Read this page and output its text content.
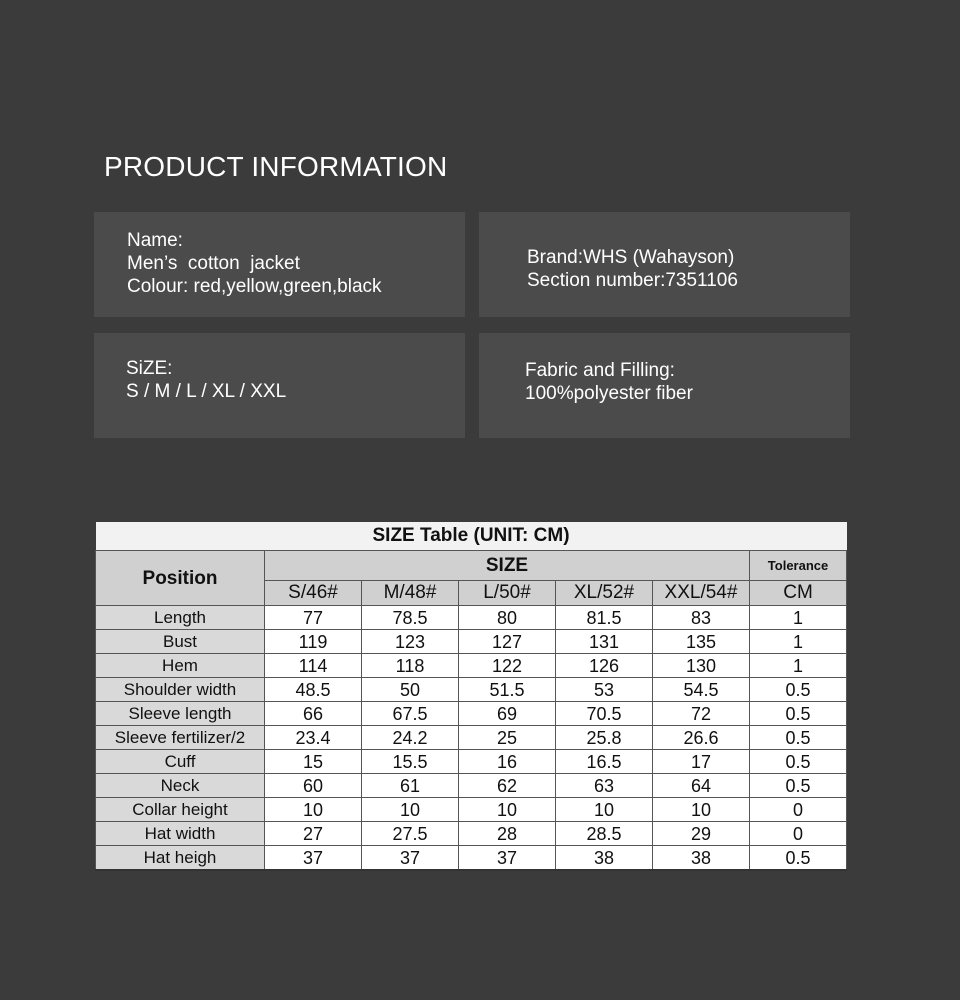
PRODUCT INFORMATION
Name:
Men’s  cotton  jacket
Colour: red,yellow,green,black
Brand:WHS (Wahayson)
Section number:7351106
SiZE:
S / M / L / XL / XXL
Fabric and Filling:
100%polyester fiber
SIZE Table (UNIT: CM)						
Position	SIZE					Tolerance
	S/46#	M/48#	L/50#	XL/52#	XXL/54#	CM
Length	77	78.5	80	81.5	83	1
Bust	119	123	127	131	135	1
Hem	114	118	122	126	130	1
Shoulder width	48.5	50	51.5	53	54.5	0.5
Sleeve length	66	67.5	69	70.5	72	0.5
Sleeve fertilizer/2	23.4	24.2	25	25.8	26.6	0.5
Cuff	15	15.5	16	16.5	17	0.5
Neck	60	61	62	63	64	0.5
Collar height	10	10	10	10	10	0
Hat width	27	27.5	28	28.5	29	0
Hat heigh	37	37	37	38	38	0.5
